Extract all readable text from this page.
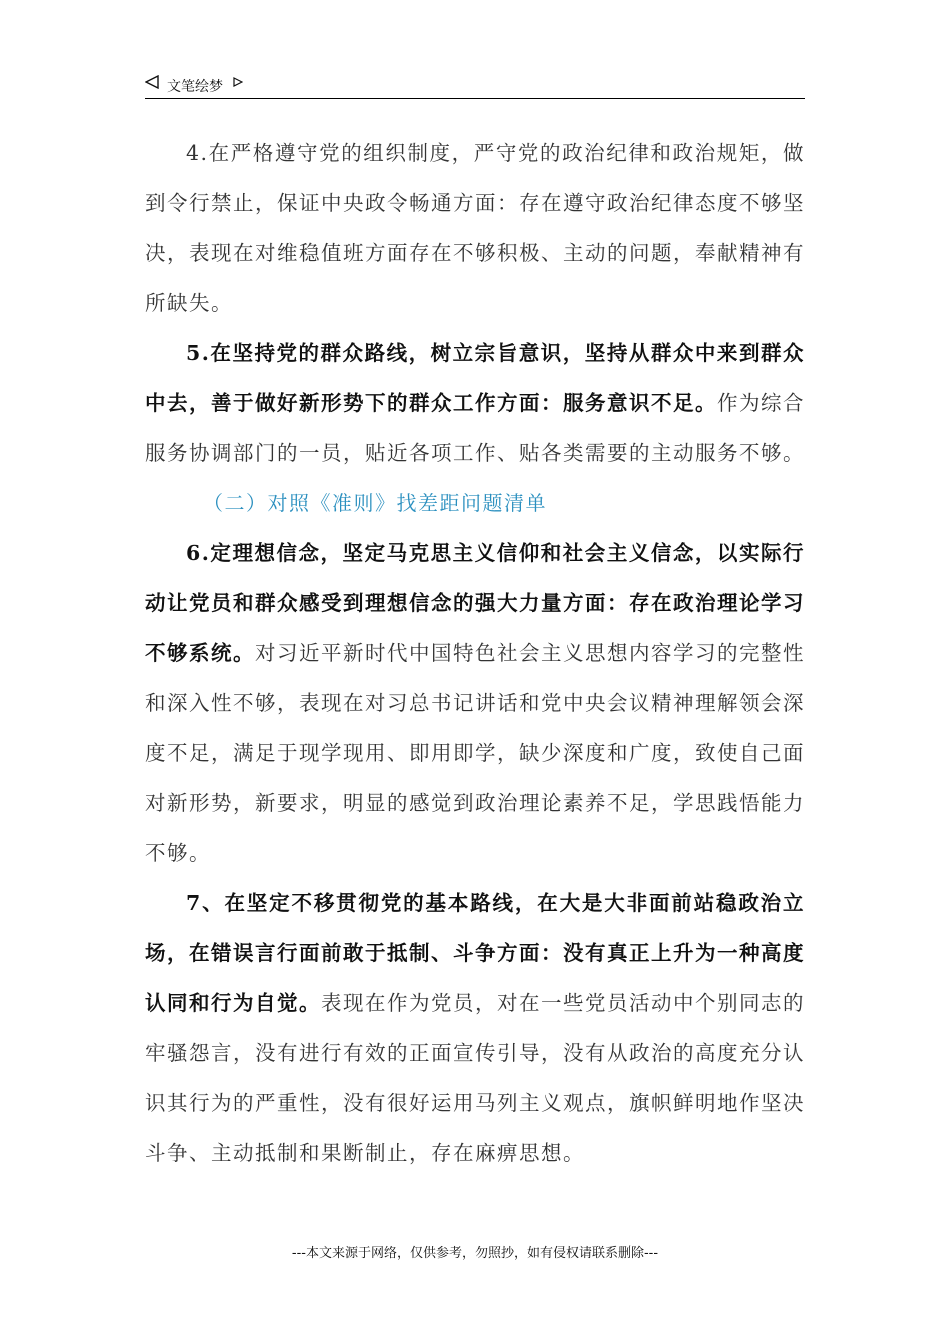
文笔绘梦

4.在严格遵守党的组织制度，严守党的政治纪律和政治规矩，做到令行禁止，保证中央政令畅通方面：存在遵守政治纪律态度不够坚决，表现在对维稳值班方面存在不够积极、主动的问题，奉献精神有所缺失。

5.在坚持党的群众路线，树立宗旨意识，坚持从群众中来到群众中去，善于做好新形势下的群众工作方面：服务意识不足。作为综合服务协调部门的一员，贴近各项工作、贴各类需要的主动服务不够。

（二）对照《准则》找差距问题清单

6.定理想信念，坚定马克思主义信仰和社会主义信念，以实际行动让党员和群众感受到理想信念的强大力量方面：存在政治理论学习不够系统。对习近平新时代中国特色社会主义思想内容学习的完整性和深入性不够，表现在对习总书记讲话和党中央会议精神理解领会深度不足，满足于现学现用、即用即学，缺少深度和广度，致使自己面对新形势，新要求，明显的感觉到政治理论素养不足，学思践悟能力不够。

7、在坚定不移贯彻党的基本路线，在大是大非面前站稳政治立场，在错误言行面前敢于抵制、斗争方面：没有真正上升为一种高度认同和行为自觉。表现在作为党员，对在一些党员活动中个别同志的牢骚怨言，没有进行有效的正面宣传引导，没有从政治的高度充分认识其行为的严重性，没有很好运用马列主义观点，旗帜鲜明地作坚决斗争、主动抵制和果断制止，存在麻痹思想。

---本文来源于网络，仅供参考，勿照抄，如有侵权请联系删除---
